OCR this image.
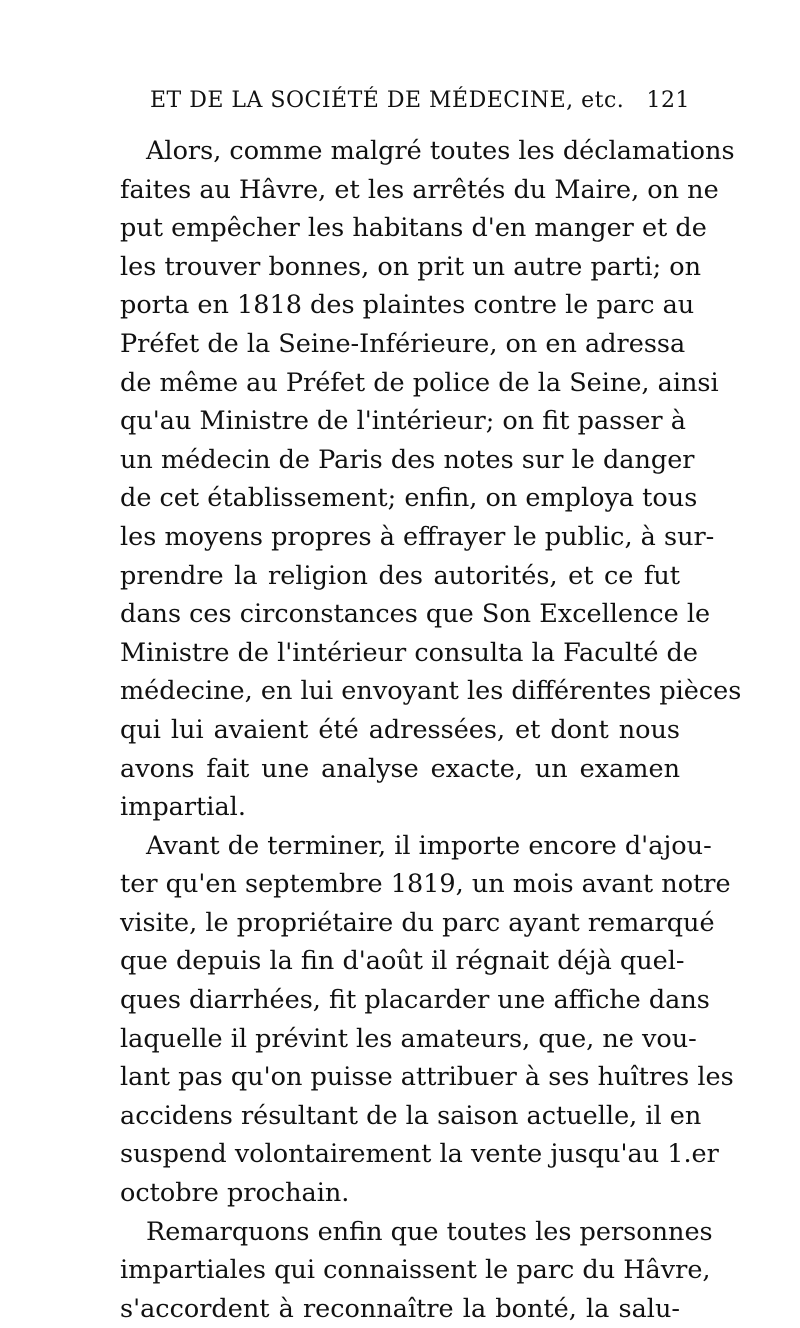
ET DE LA SOCIÉTÉ DE MÉDECINE, etc. 121
Alors, comme malgré toutes les déclamations
faites au Hâvre, et les arrêtés du Maire, on ne
put empêcher les habitans d'en manger et de
les trouver bonnes, on prit un autre parti; on
porta en 1818 des plaintes contre le parc au
Préfet de la Seine-Inférieure, on en adressa
de même au Préfet de police de la Seine, ainsi
qu'au Ministre de l'intérieur; on fit passer à
un médecin de Paris des notes sur le danger
de cet établissement; enfin, on employa tous
les moyens propres à effrayer le public, à sur-
prendre la religion des autorités, et ce fut
dans ces circonstances que Son Excellence le
Ministre de l'intérieur consulta la Faculté de
médecine, en lui envoyant les différentes pièces
qui lui avaient été adressées, et dont nous
avons fait une analyse exacte, un examen
impartial.
Avant de terminer, il importe encore d'ajou-
ter qu'en septembre 1819, un mois avant notre
visite, le propriétaire du parc ayant remarqué
que depuis la fin d'août il régnait déjà quel-
ques diarrhées, fit placarder une affiche dans
laquelle il prévint les amateurs, que, ne vou-
lant pas qu'on puisse attribuer à ses huîtres les
accidens résultant de la saison actuelle, il en
suspend volontairement la vente jusqu'au 1.er
octobre prochain.
Remarquons enfin que toutes les personnes
impartiales qui connaissent le parc du Hâvre,
s'accordent à reconnaître la bonté, la salu-
